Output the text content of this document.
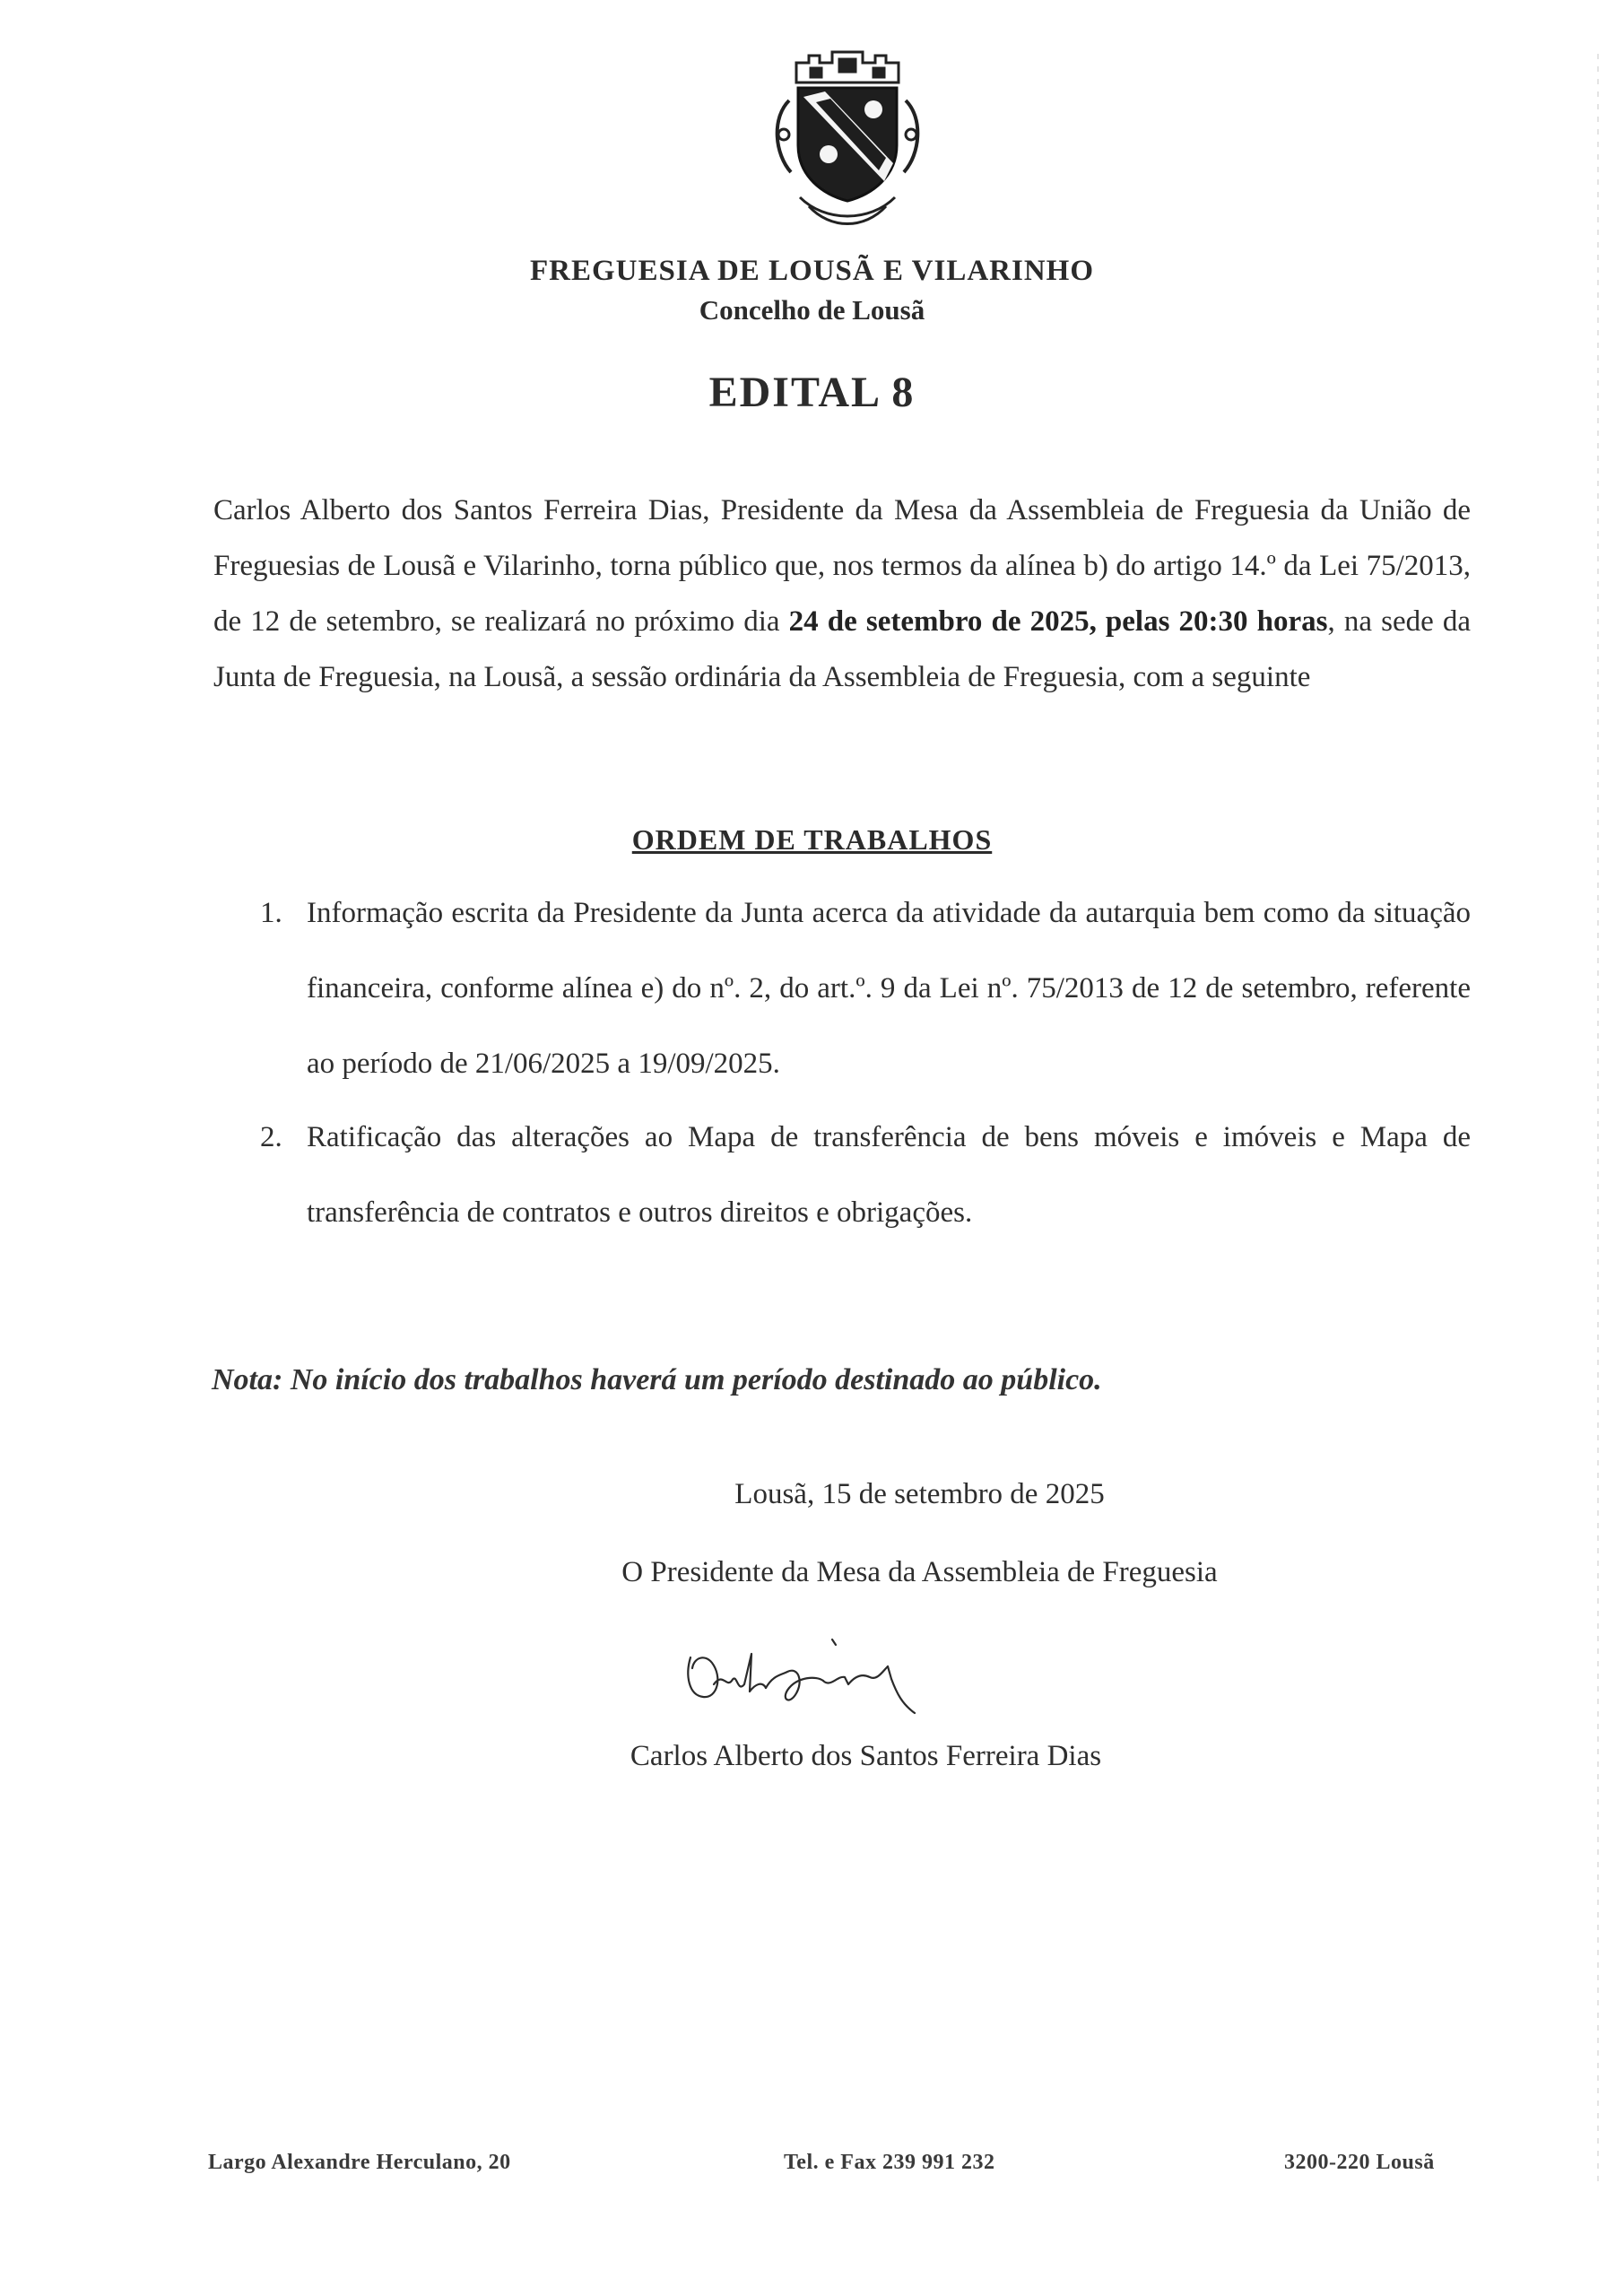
FREGUESIA DE LOUSÃ E VILARINHO
Concelho de Lousã
EDITAL 8
Carlos Alberto dos Santos Ferreira Dias, Presidente da Mesa da Assembleia de Freguesia da União de Freguesias de Lousã e Vilarinho, torna público que, nos termos da alínea b) do artigo 14.º da Lei 75/2013, de 12 de setembro, se realizará no próximo dia 24 de setembro de 2025, pelas 20:30 horas, na sede da Junta de Freguesia, na Lousã, a sessão ordinária da Assembleia de Freguesia, com a seguinte
ORDEM DE TRABALHOS
1. Informação escrita da Presidente da Junta acerca da atividade da autarquia bem como da situação financeira, conforme alínea e) do nº. 2, do art.º. 9 da Lei nº. 75/2013 de 12 de setembro, referente ao período de 21/06/2025 a 19/09/2025.
2. Ratificação das alterações ao Mapa de transferência de bens móveis e imóveis e Mapa de transferência de contratos e outros direitos e obrigações.
Nota: No início dos trabalhos haverá um período destinado ao público.
Lousã, 15 de setembro de 2025
O Presidente da Mesa da Assembleia de Freguesia
Carlos Alberto dos Santos Ferreira Dias
Largo Alexandre Herculano, 20	Tel. e Fax 239 991 232	3200-220 Lousã
